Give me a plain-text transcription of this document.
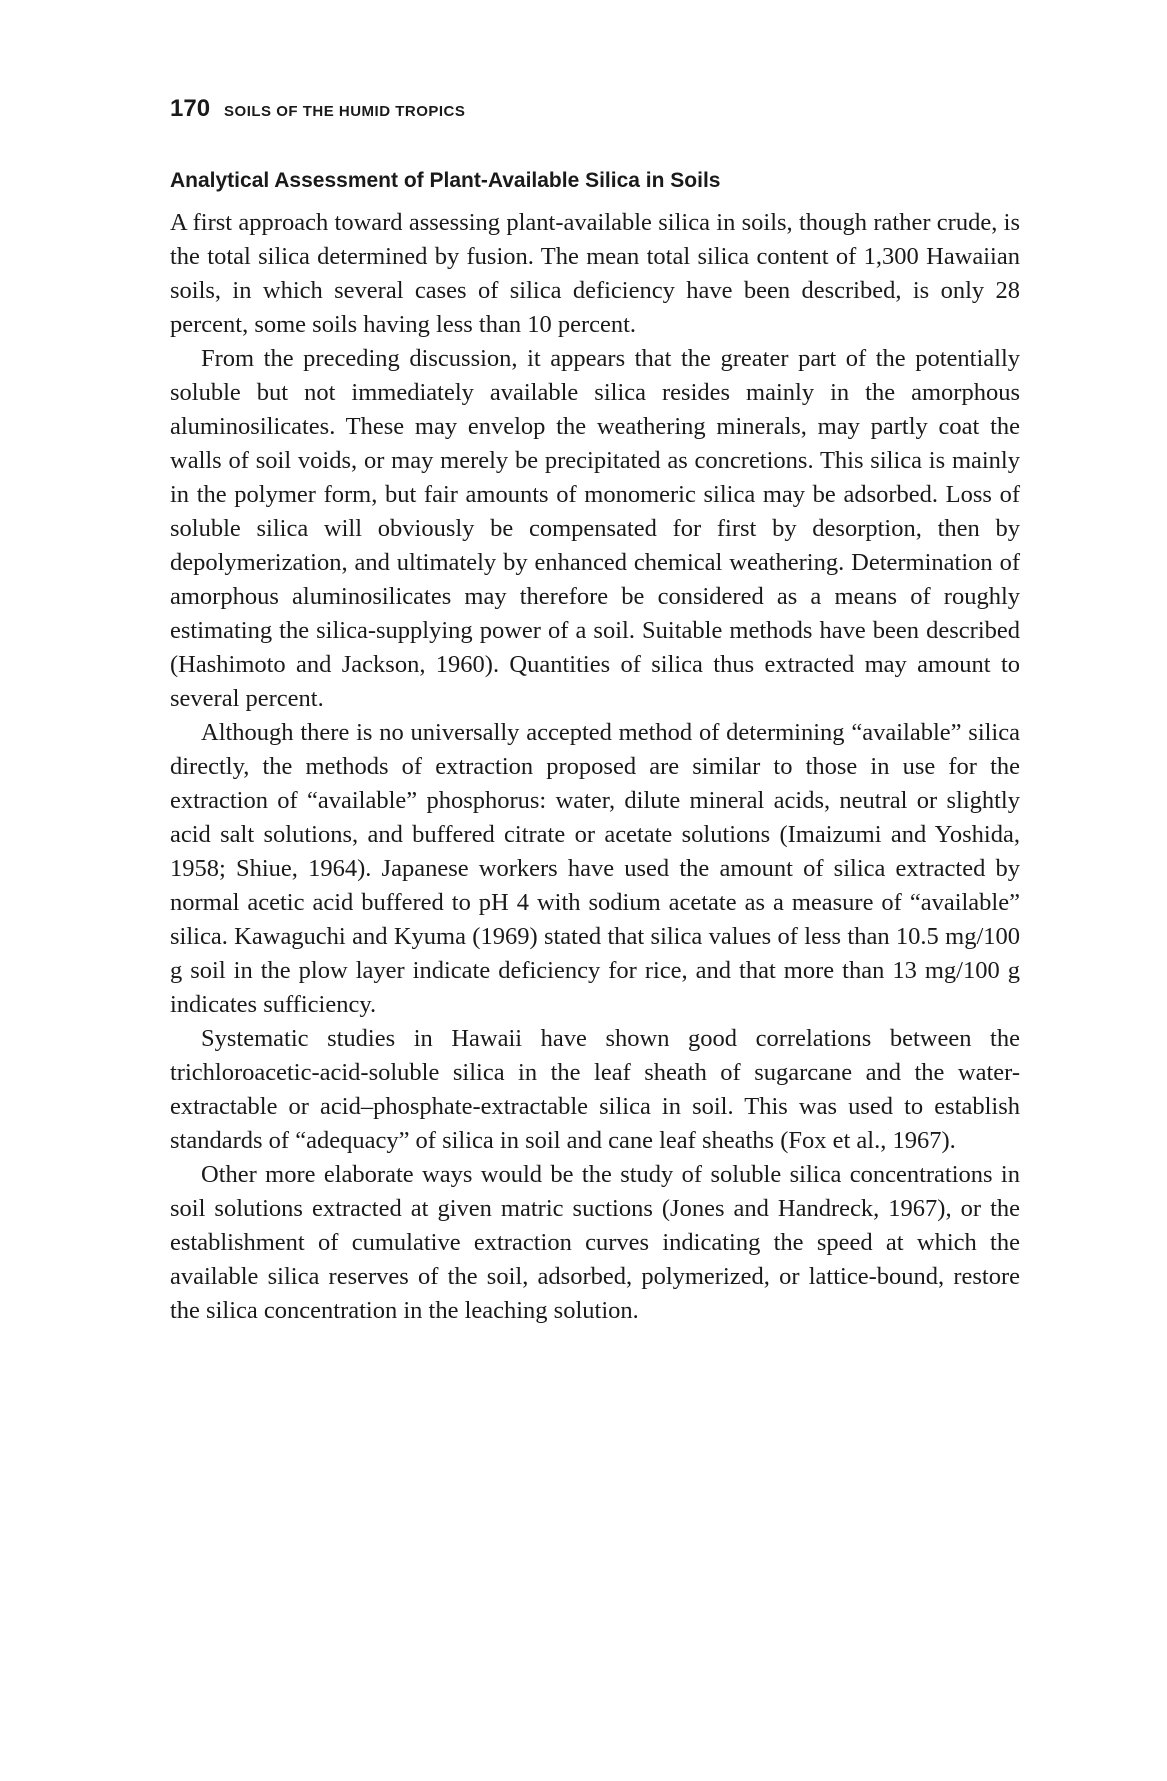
170 SOILS OF THE HUMID TROPICS
Analytical Assessment of Plant-Available Silica in Soils

A first approach toward assessing plant-available silica in soils, though rather crude, is the total silica determined by fusion. The mean total silica content of 1,300 Hawaiian soils, in which several cases of silica deficiency have been described, is only 28 percent, some soils having less than 10 percent.

From the preceding discussion, it appears that the greater part of the potentially soluble but not immediately available silica resides mainly in the amorphous aluminosilicates. These may envelop the weathering minerals, may partly coat the walls of soil voids, or may merely be precipitated as concretions. This silica is mainly in the polymer form, but fair amounts of monomeric silica may be adsorbed. Loss of soluble silica will obviously be compensated for first by desorption, then by depolymerization, and ultimately by enhanced chemical weathering. Determination of amorphous aluminosilicates may therefore be considered as a means of roughly estimating the silica-supplying power of a soil. Suitable methods have been described (Hashimoto and Jackson, 1960). Quantities of silica thus extracted may amount to several percent.

Although there is no universally accepted method of determining “available” silica directly, the methods of extraction proposed are similar to those in use for the extraction of “available” phosphorus: water, dilute mineral acids, neutral or slightly acid salt solutions, and buffered citrate or acetate solutions (Imaizumi and Yoshida, 1958; Shiue, 1964). Japanese workers have used the amount of silica extracted by normal acetic acid buffered to pH 4 with sodium acetate as a measure of “available” silica. Kawaguchi and Kyuma (1969) stated that silica values of less than 10.5 mg/100 g soil in the plow layer indicate deficiency for rice, and that more than 13 mg/100 g indicates sufficiency.

Systematic studies in Hawaii have shown good correlations between the trichloroacetic-acid-soluble silica in the leaf sheath of sugarcane and the water-extractable or acid–phosphate-extractable silica in soil. This was used to establish standards of “adequacy” of silica in soil and cane leaf sheaths (Fox et al., 1967).

Other more elaborate ways would be the study of soluble silica concentrations in soil solutions extracted at given matric suctions (Jones and Handreck, 1967), or the establishment of cumulative extraction curves indicating the speed at which the available silica reserves of the soil, adsorbed, polymerized, or lattice-bound, restore the silica concentration in the leaching solution.
